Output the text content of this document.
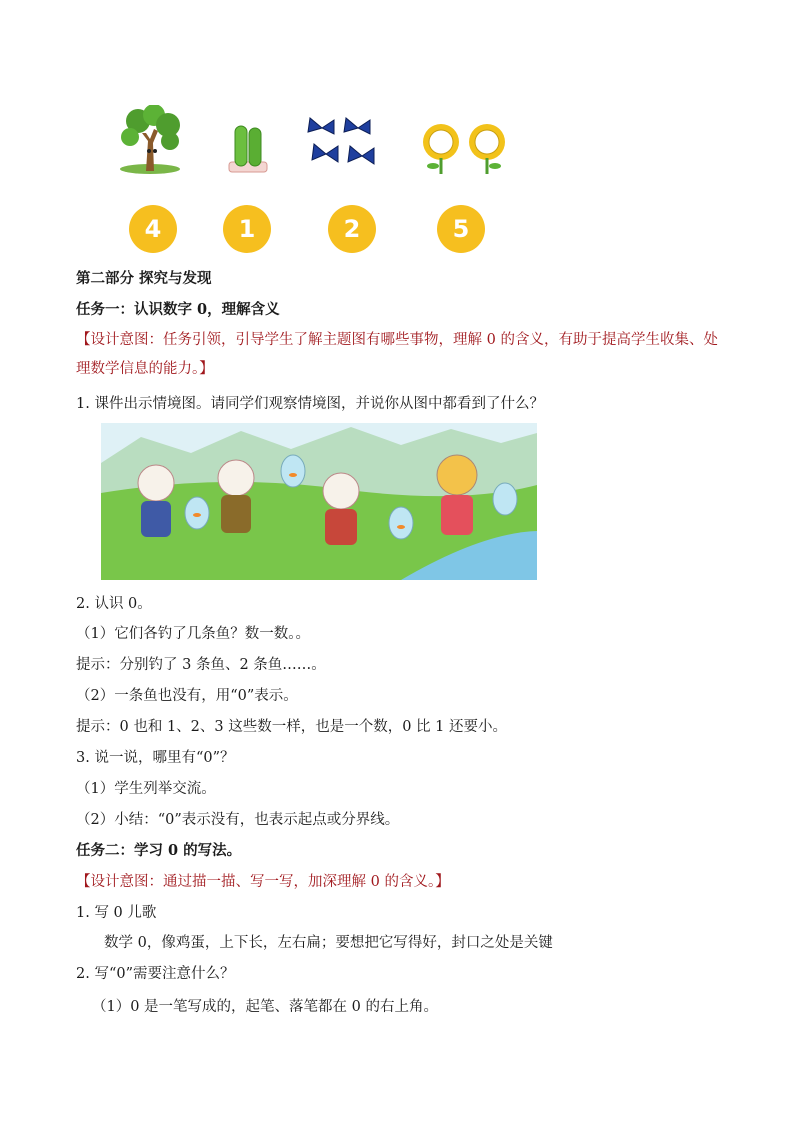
4	1	2	5
第二部分 探究与发现
任务一：认识数字 0，理解含义
【设计意图：任务引领，引导学生了解主题图有哪些事物，理解 0 的含义，有助于提高学生收集、处理数学信息的能力。】
1. 课件出示情境图。请同学们观察情境图，并说你从图中都看到了什么？
2. 认识 0。
（1）它们各钓了几条鱼？数一数。。
提示：分别钓了 3 条鱼、2 条鱼……。
（2）一条鱼也没有，用“0”表示。
提示：0 也和 1、2、3 这些数一样，也是一个数，0 比 1 还要小。
3. 说一说，哪里有“0”？
（1）学生列举交流。
（2）小结：“0”表示没有，也表示起点或分界线。
任务二：学习 0 的写法。
【设计意图：通过描一描、写一写，加深理解 0 的含义。】
1. 写 0 儿歌
数学 0，像鸡蛋，上下长，左右扁；要想把它写得好，封口之处是关键
2. 写“0”需要注意什么？
（1）0 是一笔写成的，起笔、落笔都在 0 的右上角。
